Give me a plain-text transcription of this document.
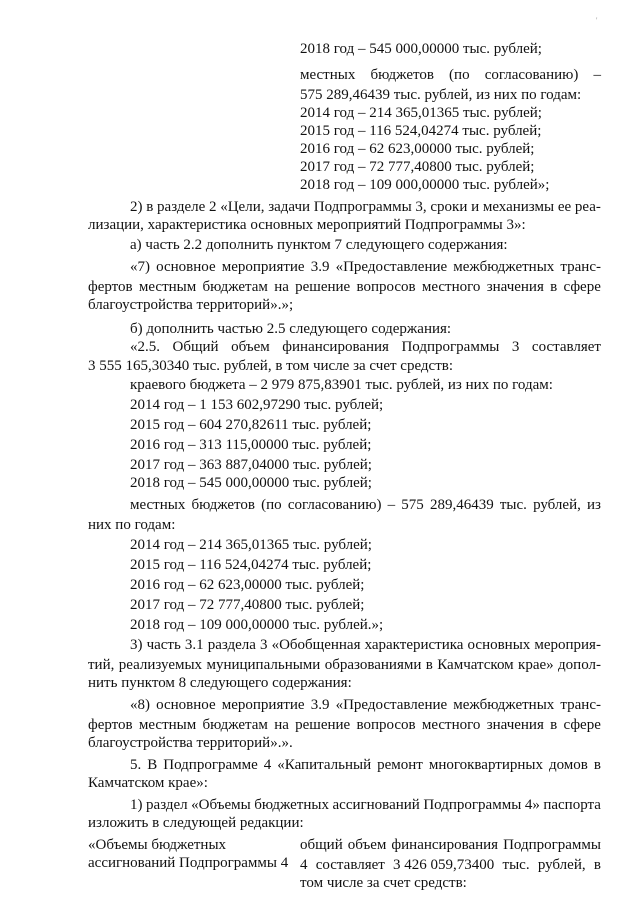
'
2018 год – 545 000,00000 тыс. рублей;
местных бюджетов (по согласованию) –
575 289,46439 тыс. рублей, из них по годам:
2014 год – 214 365,01365 тыс. рублей;
2015 год – 116 524,04274 тыс. рублей;
2016 год – 62 623,00000 тыс. рублей;
2017 год – 72 777,40800 тыс. рублей;
2018 год – 109 000,00000 тыс. рублей»;
2) в разделе 2 «Цели, задачи Подпрограммы 3, сроки и механизмы ее реа-
лизации, характеристика основных мероприятий Подпрограммы 3»:
а) часть 2.2 дополнить пунктом 7 следующего содержания:
«7) основное мероприятие 3.9 «Предоставление межбюджетных транс-
фертов местным бюджетам на решение вопросов местного значения в сфере
благоустройства территорий».»;
б) дополнить частью 2.5 следующего содержания:
«2.5. Общий объем финансирования Подпрограммы 3 составляет
3 555 165,30340 тыс. рублей, в том числе за счет средств:
краевого бюджета – 2 979 875,83901 тыс. рублей, из них по годам:
2014 год – 1 153 602,97290 тыс. рублей;
2015 год – 604 270,82611 тыс. рублей;
2016 год – 313 115,00000 тыс. рублей;
2017 год – 363 887,04000 тыс. рублей;
2018 год – 545 000,00000 тыс. рублей;
местных бюджетов (по согласованию) – 575 289,46439 тыс. рублей, из
них по годам:
2014 год – 214 365,01365 тыс. рублей;
2015 год – 116 524,04274 тыс. рублей;
2016 год – 62 623,00000 тыс. рублей;
2017 год – 72 777,40800 тыс. рублей;
2018 год – 109 000,00000 тыс. рублей.»;
3) часть 3.1 раздела 3 «Обобщенная характеристика основных мероприя-
тий, реализуемых муниципальными образованиями в Камчатском крае» допол-
нить пунктом 8 следующего содержания:
«8) основное мероприятие 3.9 «Предоставление межбюджетных транс-
фертов местным бюджетам на решение вопросов местного значения в сфере
благоустройства территорий».».
5. В Подпрограмме 4 «Капитальный ремонт многоквартирных домов в
Камчатском крае»:
1) раздел «Объемы бюджетных ассигнований Подпрограммы 4» паспорта
изложить в следующей редакции:
«Объемы бюджетных
ассигнований Подпрограммы 4
общий объем финансирования Подпрограммы
4 составляет 3 426 059,73400 тыс. рублей, в
том числе за счет средств:
